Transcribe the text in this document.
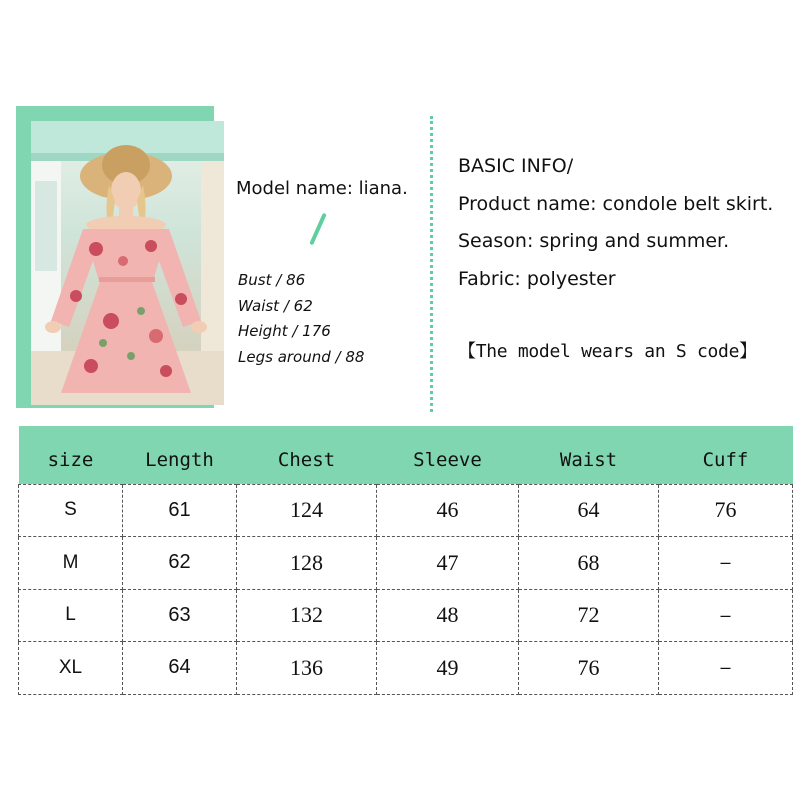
Model name: liana.
Bust / 86
Waist / 62
Height / 176
Legs around / 88
BASIC INFO/
Product name: condole belt skirt.
Season: spring and summer.
Fabric: polyester
【The model wears an S code】
size	Length	Chest	Sleeve	Waist	Cuff
S	61	124	46	64	76
M	62	128	47	68	–
L	63	132	48	72	–
XL	64	136	49	76	–
